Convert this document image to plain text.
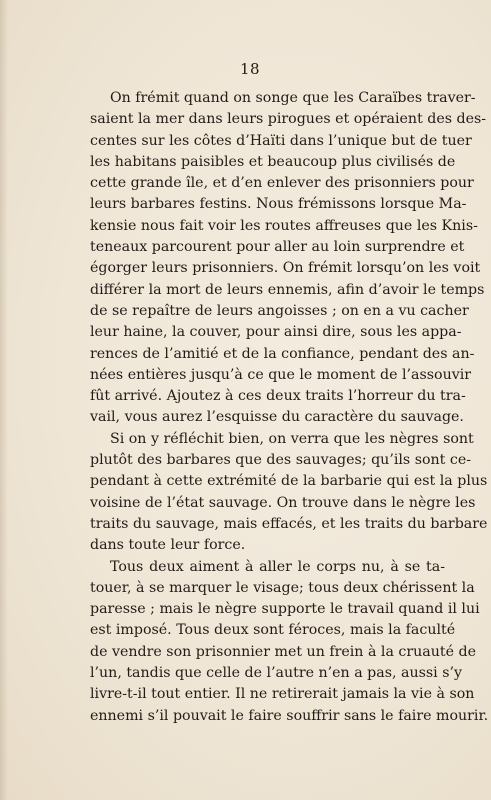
18
On frémit quand on songe que les Caraïbes traver-
saient la mer dans leurs pirogues et opéraient des des-
centes sur les côtes d’Haïti dans l’unique but de tuer
les habitans paisibles et beaucoup plus civilisés de
cette grande île, et d’en enlever des prisonniers pour
leurs barbares festins. Nous frémissons lorsque Ma-
kensie nous fait voir les routes affreuses que les Knis-
teneaux parcourent pour aller au loin surprendre et
égorger leurs prisonniers. On frémit lorsqu’on les voit
différer la mort de leurs ennemis, afin d’avoir le temps
de se repaître de leurs angoisses ; on en a vu cacher
leur haine, la couver, pour ainsi dire, sous les appa-
rences de l’amitié et de la confiance, pendant des an-
nées entières jusqu’à ce que le moment de l’assouvir
fût arrivé. Ajoutez à ces deux traits l’horreur du tra-
vail, vous aurez l’esquisse du caractère du sauvage.
Si on y réfléchit bien, on verra que les nègres sont
plutôt des barbares que des sauvages; qu’ils sont ce-
pendant à cette extrémité de la barbarie qui est la plus
voisine de l’état sauvage. On trouve dans le nègre les
traits du sauvage, mais effacés, et les traits du barbare
dans toute leur force.
Tous deux aiment à aller le corps nu, à se ta-
touer, à se marquer le visage; tous deux chérissent la
paresse ; mais le nègre supporte le travail quand il lui
est imposé. Tous deux sont féroces, mais la faculté
de vendre son prisonnier met un frein à la cruauté de
l’un, tandis que celle de l’autre n’en a pas, aussi s’y
livre-t-il tout entier. Il ne retirerait jamais la vie à son
ennemi s’il pouvait le faire souffrir sans le faire mourir.
